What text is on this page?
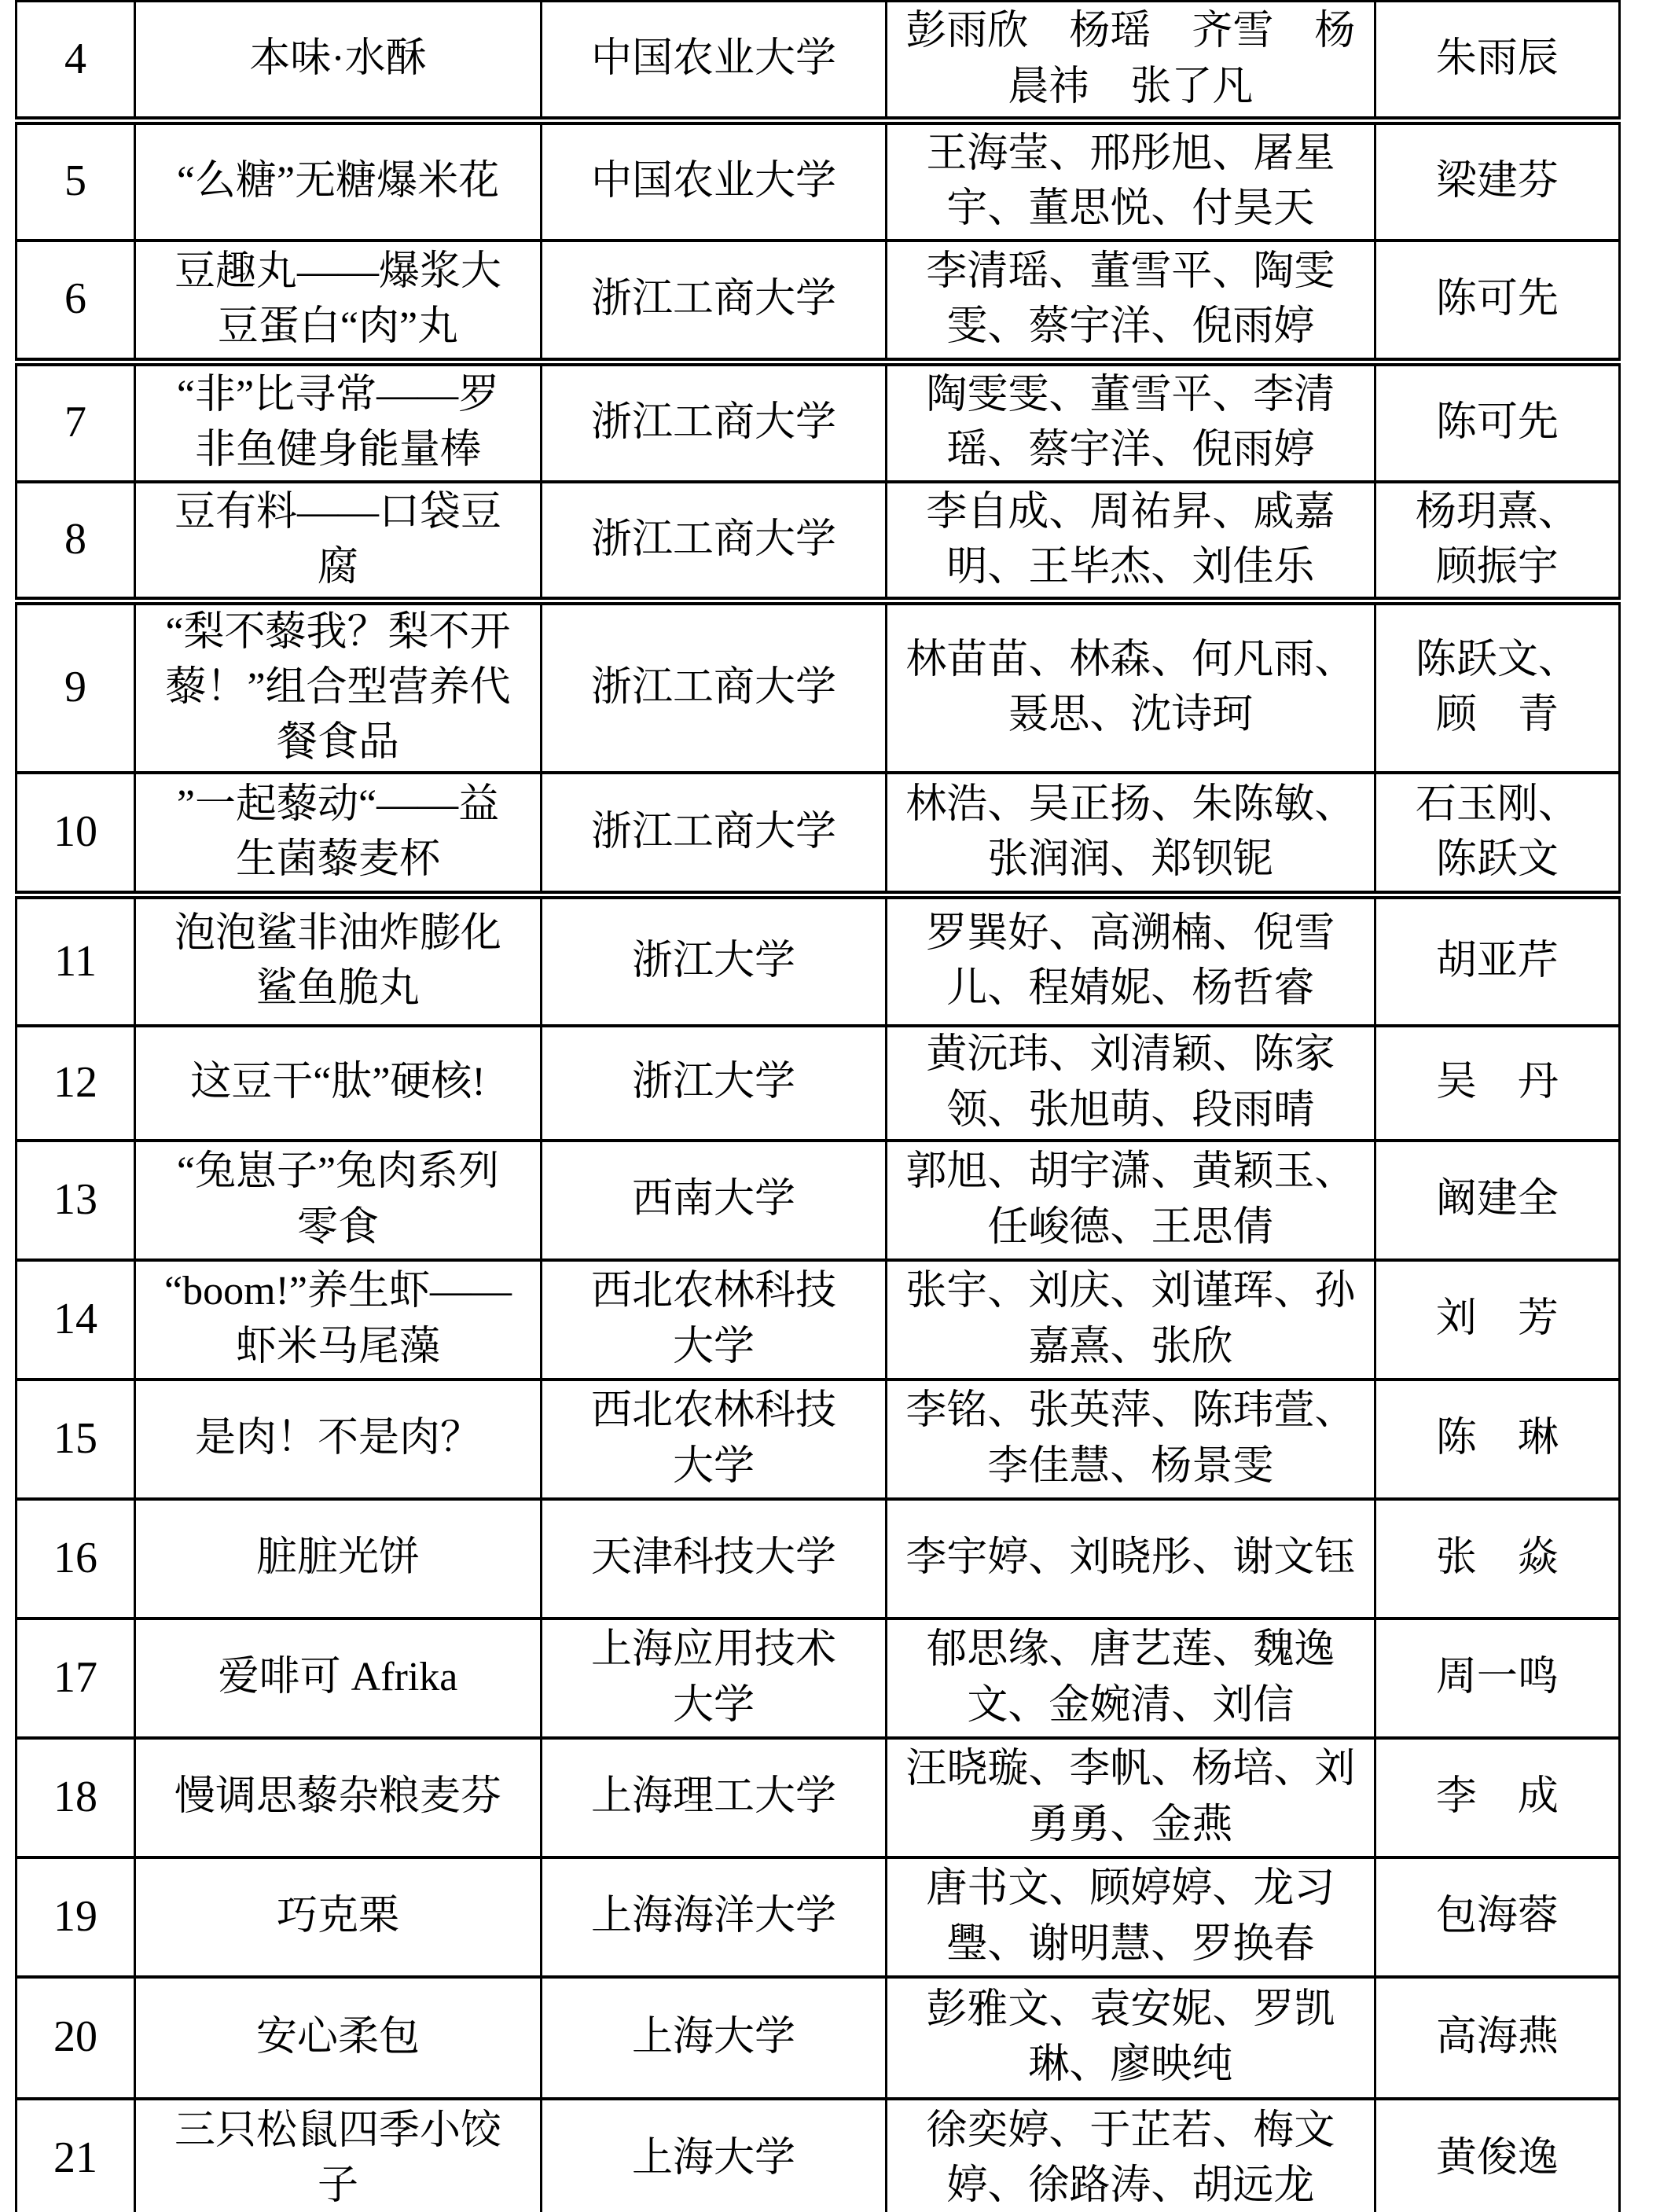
4	本味·水酥	中国农业大学	彭雨欣　杨瑶　齐雪　杨晨祎　张了凡	朱雨辰
5	“么糖”无糖爆米花	中国农业大学	王海莹、邢彤旭、屠星宇、董思悦、付昊天	梁建芬
6	豆趣丸——爆浆大豆蛋白“肉”丸	浙江工商大学	李清瑶、董雪平、陶雯雯、蔡宇洋、倪雨婷	陈可先
7	“非”比寻常——罗非鱼健身能量棒	浙江工商大学	陶雯雯、董雪平、李清瑶、蔡宇洋、倪雨婷	陈可先
8	豆有料——口袋豆腐	浙江工商大学	李自成、周祐昇、戚嘉明、王毕杰、刘佳乐	杨玥熹、顾振宇
9	“梨不藜我？梨不开藜！”组合型营养代餐食品	浙江工商大学	林苗苗、林森、何凡雨、聂思、沈诗珂	陈跃文、顾　青
10	”一起藜动“——益生菌藜麦杯	浙江工商大学	林浩、吴正扬、朱陈敏、张润润、郑钡铌	石玉刚、陈跃文
11	泡泡鲨非油炸膨化鲨鱼脆丸	浙江大学	罗巽好、高溯楠、倪雪儿、程婧妮、杨哲睿	胡亚芹
12	这豆干“肽”硬核!	浙江大学	黄沅玮、刘清颖、陈家领、张旭萌、段雨晴	吴　丹
13	“兔崽子”兔肉系列零食	西南大学	郭旭、胡宇潇、黄颖玉、任峻德、王思倩	阚建全
14	“boom!”养生虾——虾米马尾藻	西北农林科技大学	张宇、刘庆、刘谨珲、孙嘉熹、张欣	刘　芳
15	是肉！不是肉？	西北农林科技大学	李铭、张英萍、陈玮萱、李佳慧、杨景雯	陈　琳
16	脏脏光饼	天津科技大学	李宇婷、刘晓彤、谢文钰	张　焱
17	爱啡可 Afrika	上海应用技术大学	郁思缘、唐艺莲、魏逸文、金婉清、刘信	周一鸣
18	慢调思藜杂粮麦芬	上海理工大学	汪晓璇、李帆、杨培、刘勇勇、金燕	李　成
19	巧克栗	上海海洋大学	唐书文、顾婷婷、龙习璺、谢明慧、罗换春	包海蓉
20	安心柔包	上海大学	彭雅文、袁安妮、罗凯琳、廖映纯	高海燕
21	三只松鼠四季小饺子	上海大学	徐奕婷、于芷若、梅文婷、徐路涛、胡远龙	黄俊逸
